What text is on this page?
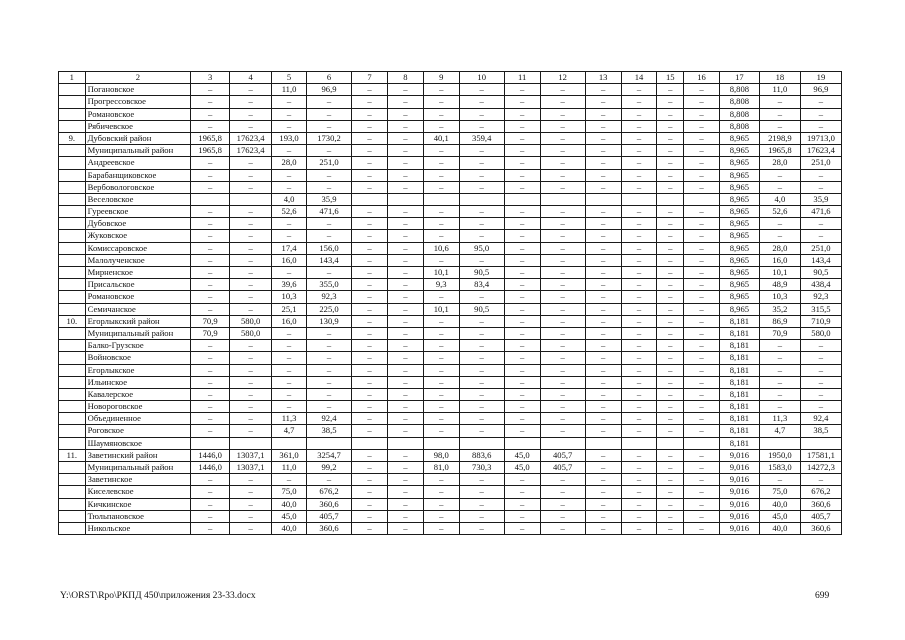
1	2	3	4	5	6	7	8	9	10	11	12	13	14	15	16	17	18	19
	Погановское	–	–	11,0	96,9	–	–	–	–	–	–	–	–	–	–	8,808	11,0	96,9
	Прогрессовское	–	–	–	–	–	–	–	–	–	–	–	–	–	–	8,808	–	–
	Романовское	–	–	–	–	–	–	–	–	–	–	–	–	–	–	8,808	–	–
	Рябичевское	–	–	–	–	–	–	–	–	–	–	–	–	–	–	8,808	–	–
9.	Дубовский район	1965,8	17623,4	193,0	1730,2	–	–	40,1	359,4	–	–	–	–	–	–	8,965	2198,9	19713,0
	Муниципальный район	1965,8	17623,4	–	–	–	–	–	–	–	–	–	–	–	–	8,965	1965,8	17623,4
	Андреевское	–	–	28,0	251,0	–	–	–	–	–	–	–	–	–	–	8,965	28,0	251,0
	Барабанщиковское	–	–	–	–	–	–	–	–	–	–	–	–	–	–	8,965	–	–
	Вербовологовское	–	–	–	–	–	–	–	–	–	–	–	–	–	–	8,965	–	–
	Веселовское			4,0	35,9											8,965	4,0	35,9
	Гуреевское	–	–	52,6	471,6	–	–	–	–	–	–	–	–	–	–	8,965	52,6	471,6
	Дубовское	–	–	–	–	–	–	–	–	–	–	–	–	–	–	8,965	–	–
	Жуковское	–	–	–	–	–	–	–	–	–	–	–	–	–	–	8,965	–	–
	Комиссаровское	–	–	17,4	156,0	–	–	10,6	95,0	–	–	–	–	–	–	8,965	28,0	251,0
	Малолученское	–	–	16,0	143,4	–	–	–	–	–	–	–	–	–	–	8,965	16,0	143,4
	Мирненское	–	–	–	–	–	–	10,1	90,5	–	–	–	–	–	–	8,965	10,1	90,5
	Присальское	–	–	39,6	355,0	–	–	9,3	83,4	–	–	–	–	–	–	8,965	48,9	438,4
	Романовское	–	–	10,3	92,3	–	–	–	–	–	–	–	–	–	–	8,965	10,3	92,3
	Семичанское	–	–	25,1	225,0	–	–	10,1	90,5	–	–	–	–	–	–	8,965	35,2	315,5
10.	Егорлыкский район	70,9	580,0	16,0	130,9	–	–	–	–	–	–	–	–	–	–	8,181	86,9	710,9
	Муниципальный район	70,9	580,0	–	–	–	–	–	–	–	–	–	–	–	–	8,181	70,9	580,0
	Балко-Грузское	–	–	–	–	–	–	–	–	–	–	–	–	–	–	8,181	–	–
	Войновское	–	–	–	–	–	–	–	–	–	–	–	–	–	–	8,181	–	–
	Егорлыкское	–	–	–	–	–	–	–	–	–	–	–	–	–	–	8,181	–	–
	Ильинское	–	–	–	–	–	–	–	–	–	–	–	–	–	–	8,181	–	–
	Кавалерское	–	–	–	–	–	–	–	–	–	–	–	–	–	–	8,181	–	–
	Новороговское	–	–	–	–	–	–	–	–	–	–	–	–	–	–	8,181	–	–
	Объединенное	–	–	11,3	92,4	–	–	–	–	–	–	–	–	–	–	8,181	11,3	92,4
	Роговское	–	–	4,7	38,5	–	–	–	–	–	–	–	–	–	–	8,181	4,7	38,5
	Шаумяновское															8,181		
11.	Заветинский район	1446,0	13037,1	361,0	3254,7	–	–	98,0	883,6	45,0	405,7	–	–	–	–	9,016	1950,0	17581,1
	Муниципальный район	1446,0	13037,1	11,0	99,2	–	–	81,0	730,3	45,0	405,7	–	–	–	–	9,016	1583,0	14272,3
	Заветинское	–	–	–	–	–	–	–	–	–	–	–	–	–	–	9,016	–	–
	Киселевское	–	–	75,0	676,2	–	–	–	–	–	–	–	–	–	–	9,016	75,0	676,2
	Кичкинское	–	–	40,0	360,6	–	–	–	–	–	–	–	–	–	–	9,016	40,0	360,6
	Тюльпановское	–	–	45,0	405,7	–	–	–	–	–	–	–	–	–	–	9,016	45,0	405,7
	Никольское	–	–	40,0	360,6	–	–	–	–	–	–	–	–	–	–	9,016	40,0	360,6
Y:\ORST\Rpo\РКПД 450\приложения 23-33.docx	699
